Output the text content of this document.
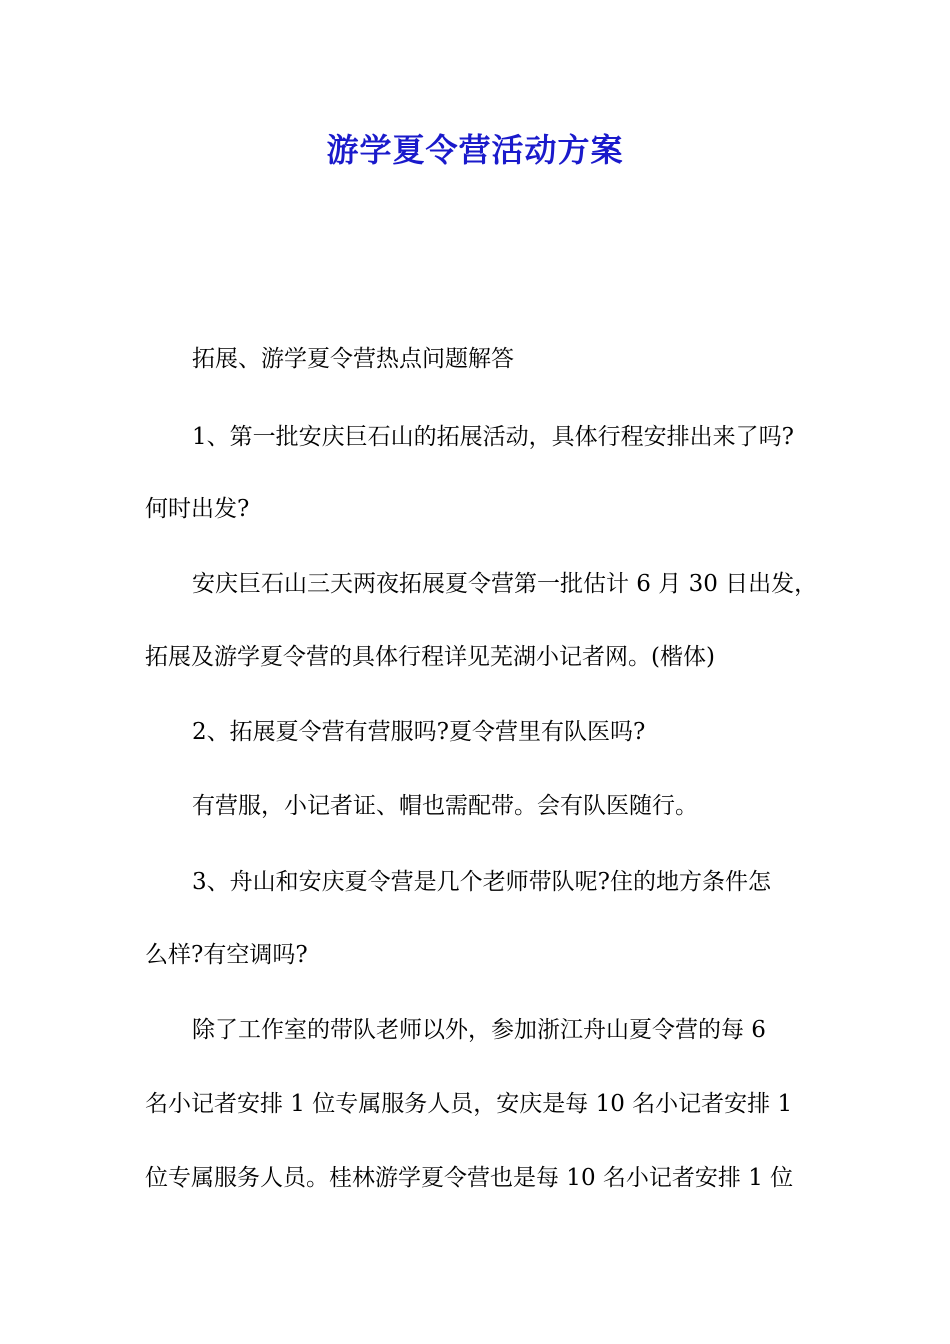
游学夏令营活动方案
拓展、游学夏令营热点问题解答
1、第一批安庆巨石山的拓展活动，具体行程安排出来了吗?
何时出发?
安庆巨石山三天两夜拓展夏令营第一批估计 6 月 30 日出发，
拓展及游学夏令营的具体行程详见芜湖小记者网。(楷体)
2、拓展夏令营有营服吗?夏令营里有队医吗?
有营服，小记者证、帽也需配带。会有队医随行。
3、舟山和安庆夏令营是几个老师带队呢?住的地方条件怎
么样?有空调吗?
除了工作室的带队老师以外，参加浙江舟山夏令营的每 6
名小记者安排 1 位专属服务人员，安庆是每 10 名小记者安排 1
位专属服务人员。桂林游学夏令营也是每 10 名小记者安排 1 位
